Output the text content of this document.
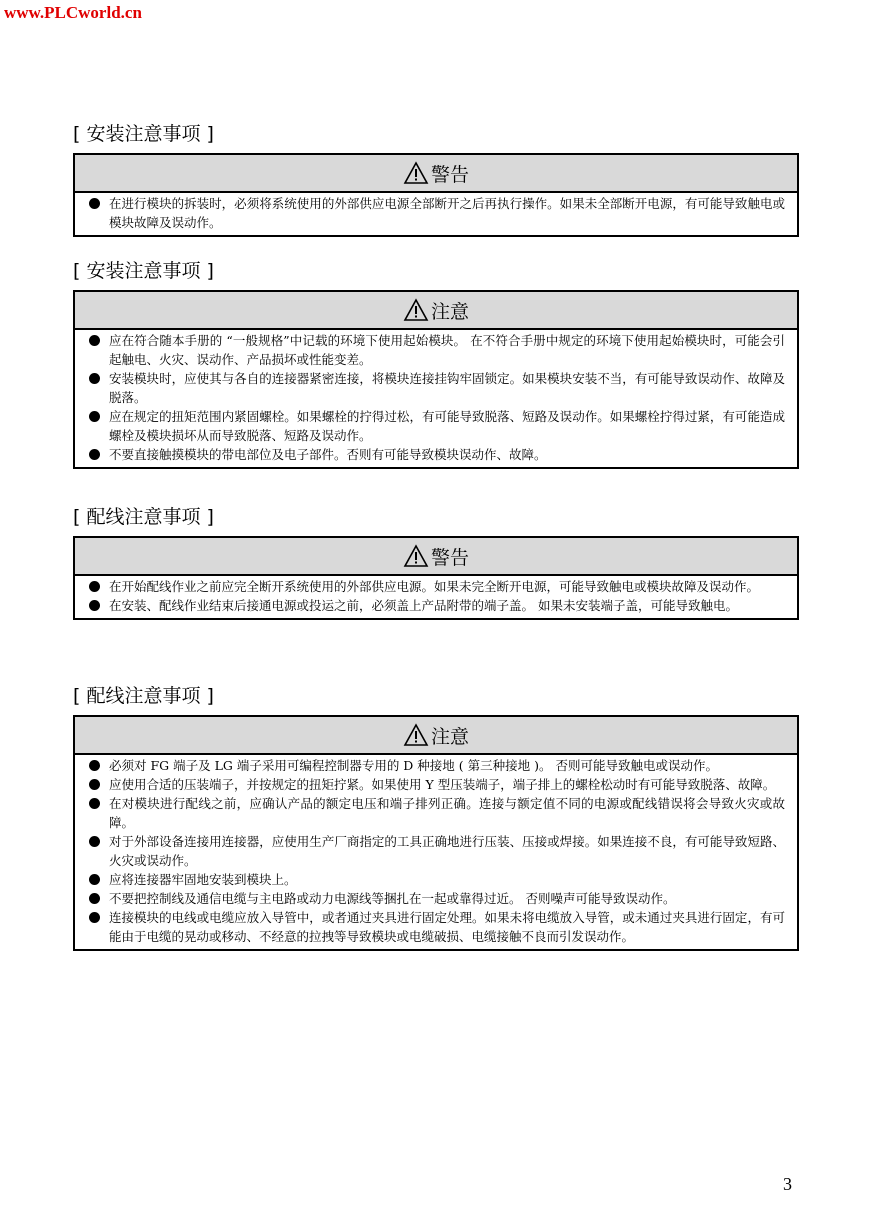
www.PLCworld.cn
[ 安装注意事项 ]
警告
在进行模块的拆装时，必须将系统使用的外部供应电源全部断开之后再执行操作。如果未全部断开电源，有可能导致触电或模块故障及误动作。
[ 安装注意事项 ]
注意
应在符合随本手册的 “一般规格”中记载的环境下使用起始模块。 在不符合手册中规定的环境下使用起始模块时，可能会引起触电、火灾、误动作、产品损坏或性能变差。
安装模块时，应使其与各自的连接器紧密连接，将模块连接挂钩牢固锁定。如果模块安装不当，有可能导致误动作、故障及脱落。
应在规定的扭矩范围内紧固螺栓。如果螺栓的拧得过松，有可能导致脱落、短路及误动作。如果螺栓拧得过紧，有可能造成螺栓及模块损坏从而导致脱落、短路及误动作。
不要直接触摸模块的带电部位及电子部件。否则有可能导致模块误动作、故障。
[ 配线注意事项 ]
警告
在开始配线作业之前应完全断开系统使用的外部供应电源。如果未完全断开电源，可能导致触电或模块故障及误动作。
在安装、配线作业结束后接通电源或投运之前，必须盖上产品附带的端子盖。 如果未安装端子盖，可能导致触电。
[ 配线注意事项 ]
注意
必须对 FG 端子及 LG 端子采用可编程控制器专用的 D 种接地 ( 第三种接地 )。 否则可能导致触电或误动作。
应使用合适的压装端子，并按规定的扭矩拧紧。如果使用 Y 型压装端子，端子排上的螺栓松动时有可能导致脱落、故障。
在对模块进行配线之前，应确认产品的额定电压和端子排列正确。连接与额定值不同的电源或配线错误将会导致火灾或故障。
对于外部设备连接用连接器，应使用生产厂商指定的工具正确地进行压装、压接或焊接。如果连接不良，有可能导致短路、火灾或误动作。
应将连接器牢固地安装到模块上。
不要把控制线及通信电缆与主电路或动力电源线等捆扎在一起或靠得过近。 否则噪声可能导致误动作。
连接模块的电线或电缆应放入导管中，或者通过夹具进行固定处理。如果未将电缆放入导管，或未通过夹具进行固定，有可能由于电缆的晃动或移动、不经意的拉拽等导致模块或电缆破损、电缆接触不良而引发误动作。
3
